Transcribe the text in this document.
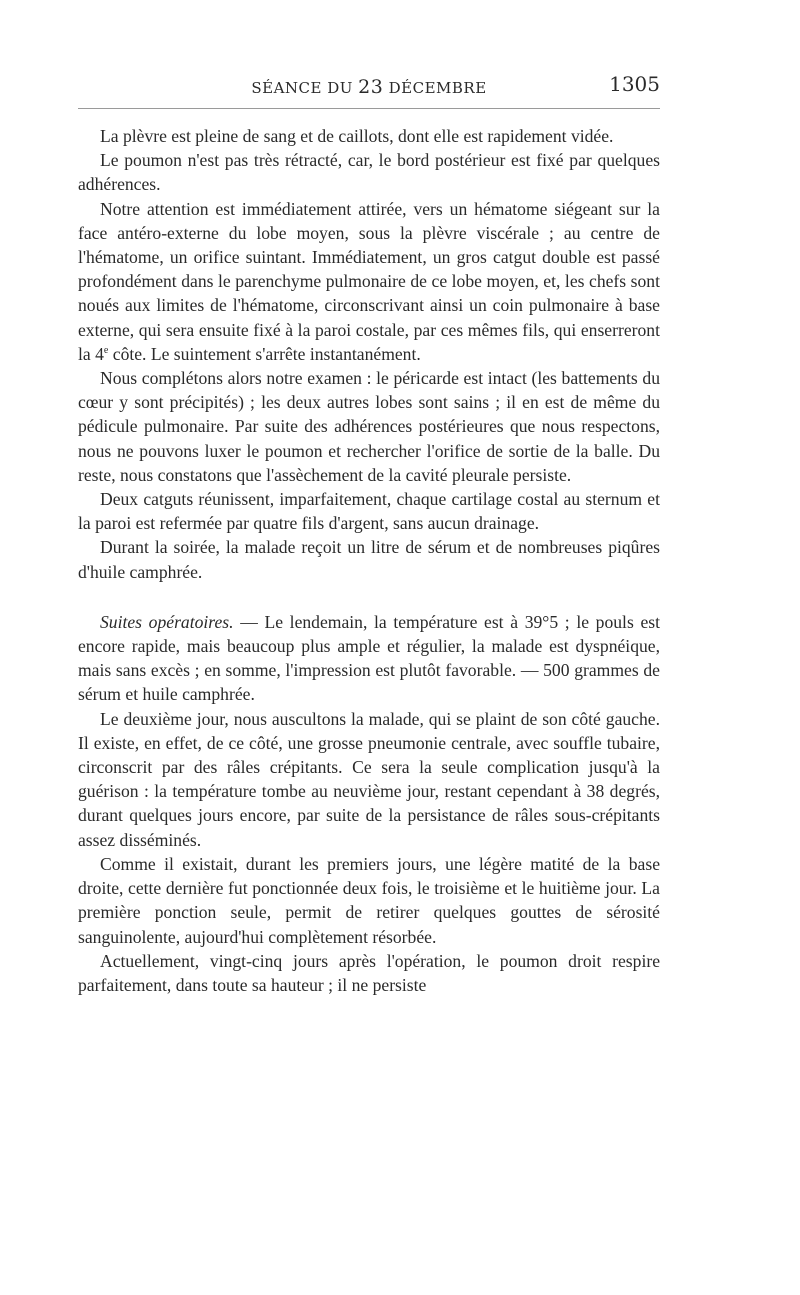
SÉANCE DU 23 DÉCEMBRE	1305

La plèvre est pleine de sang et de caillots, dont elle est rapidement vidée.

Le poumon n'est pas très rétracté, car, le bord postérieur est fixé par quelques adhérences.

Notre attention est immédiatement attirée, vers un hématome siégeant sur la face antéro-externe du lobe moyen, sous la plèvre viscérale ; au centre de l'hématome, un orifice suintant. Immédiatement, un gros catgut double est passé profondément dans le parenchyme pulmonaire de ce lobe moyen, et, les chefs sont noués aux limites de l'hématome, circonscrivant ainsi un coin pulmonaire à base externe, qui sera ensuite fixé à la paroi costale, par ces mêmes fils, qui enserreront la 4e côte. Le suintement s'arrête instantanément.

Nous complétons alors notre examen : le péricarde est intact (les battements du cœur y sont précipités) ; les deux autres lobes sont sains ; il en est de même du pédicule pulmonaire. Par suite des adhérences postérieures que nous respectons, nous ne pouvons luxer le poumon et rechercher l'orifice de sortie de la balle. Du reste, nous constatons que l'assèchement de la cavité pleurale persiste.

Deux catguts réunissent, imparfaitement, chaque cartilage costal au sternum et la paroi est refermée par quatre fils d'argent, sans aucun drainage.

Durant la soirée, la malade reçoit un litre de sérum et de nombreuses piqûres d'huile camphrée.

Suites opératoires. — Le lendemain, la température est à 39°5 ; le pouls est encore rapide, mais beaucoup plus ample et régulier, la malade est dyspnéique, mais sans excès ; en somme, l'impression est plutôt favorable. — 500 grammes de sérum et huile camphrée.

Le deuxième jour, nous auscultons la malade, qui se plaint de son côté gauche. Il existe, en effet, de ce côté, une grosse pneumonie centrale, avec souffle tubaire, circonscrit par des râles crépitants. Ce sera la seule complication jusqu'à la guérison : la température tombe au neuvième jour, restant cependant à 38 degrés, durant quelques jours encore, par suite de la persistance de râles sous-crépitants assez disséminés.

Comme il existait, durant les premiers jours, une légère matité de la base droite, cette dernière fut ponctionnée deux fois, le troisième et le huitième jour. La première ponction seule, permit de retirer quelques gouttes de sérosité sanguinolente, aujourd'hui complètement résorbée.

Actuellement, vingt-cinq jours après l'opération, le poumon droit respire parfaitement, dans toute sa hauteur ; il ne persiste
